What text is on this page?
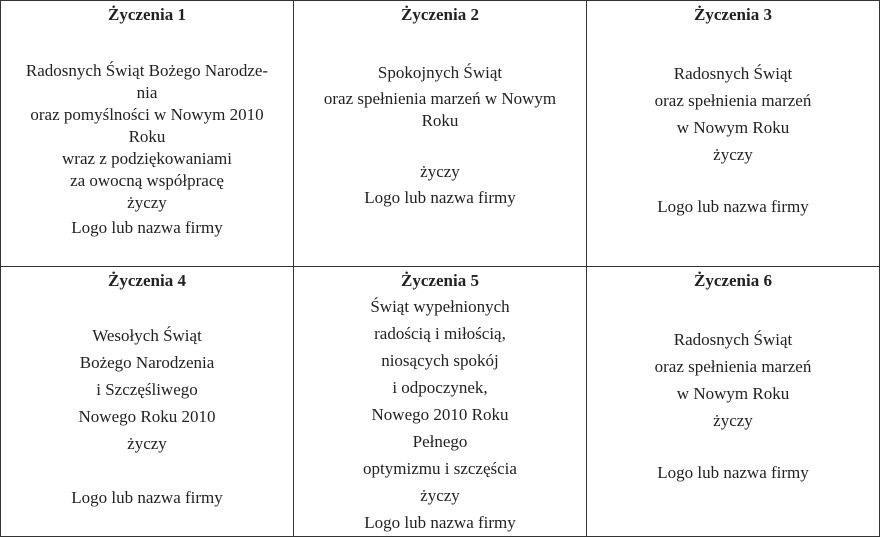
Życzenia 1
Radosnych Świąt Bożego Narodze-
nia
oraz pomyślności w Nowym 2010
Roku
wraz z podziękowaniami
za owocną współpracę
życzy
Logo lub nazwa firmy
Życzenia 2
Spokojnych Świąt
oraz spełnienia marzeń w Nowym
Roku
życzy
Logo lub nazwa firmy
Życzenia 3
Radosnych Świąt
oraz spełnienia marzeń
w Nowym Roku
życzy
Logo lub nazwa firmy
Życzenia 4
Wesołych Świąt
Bożego Narodzenia
i Szczęśliwego
Nowego Roku 2010
życzy
Logo lub nazwa firmy
Życzenia 5
Świąt wypełnionych
radością i miłością,
niosących spokój
i odpoczynek,
Nowego 2010 Roku
Pełnego
optymizmu i szczęścia
życzy
Logo lub nazwa firmy
Życzenia 6
Radosnych Świąt
oraz spełnienia marzeń
w Nowym Roku
życzy
Logo lub nazwa firmy
